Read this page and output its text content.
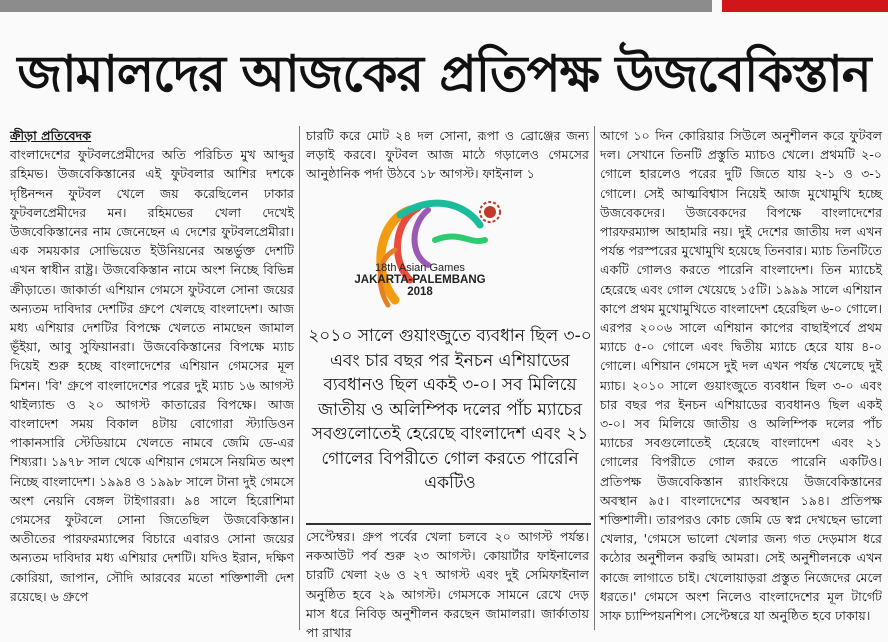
জামালদের আজকের প্রতিপক্ষ উজবেকিস্তান

ক্রীড়া প্রতিবেদক

বাংলাদেশের ফুটবলপ্রেমীদের অতি পরিচিত মুখ আব্দুর রহিমভ। উজবেকিস্তানের এই ফুটবলার আশির দশকে দৃষ্টিনন্দন ফুটবল খেলে জয় করেছিলেন ঢাকার ফুটবলপ্রেমীদের মন। রহিমভের খেলা দেখেই উজবেকিস্তানের নাম জেনেছেন এ দেশের ফুটবলপ্রেমীরা। এক সময়কার সোভিয়েত ইউনিয়নের অন্তর্ভুক্ত দেশটি এখন স্বাধীন রাষ্ট্র। উজবেকিস্তান নামে অংশ নিচ্ছে বিভিন্ন ক্রীড়াতে। জাকার্তা এশিয়ান গেমসে ফুটবলে সোনা জয়ের অন্যতম দাবিদার দেশটির গ্রুপে খেলছে বাংলাদেশ। আজ মধ্য এশিয়ার দেশটির বিপক্ষে খেলতে নামছেন জামাল ভূঁইয়া, আবু সুফিয়ানরা। উজবেকিস্তানের বিপক্ষে ম্যাচ দিয়েই শুরু হচ্ছে বাংলাদেশের এশিয়ান গেমসের মূল মিশন। 'বি' গ্রুপে বাংলাদেশের পরের দুই ম্যাচ ১৬ আগস্ট থাইল্যান্ড ও ২০ আগস্ট কাতারের বিপক্ষে। আজ বাংলাদেশ সময় বিকাল ৪টায় বোগোরা স্ট্যাডিওন পাকানসারি স্টেডিয়ামে খেলতে নামবে জেমি ডে-এর শিষ্যরা। ১৯৭৮ সাল থেকে এশিয়ান গেমসে নিয়মিত অংশ নিচ্ছে বাংলাদেশ। ১৯৯৪ ও ১৯৯৮ সালে টানা দুই গেমসে অংশ নেয়নি বেঙ্গল টাইগাররা। ৯৪ সালে হিরোশিমা গেমসের ফুটবলে সোনা জিতেছিল উজবেকিস্তান। অতীতের পারফরম্যান্সের বিচারে এবারও সোনা জয়ের অন্যতম দাবিদার মধ্য এশিয়ার দেশটি। যদিও ইরান, দক্ষিণ কোরিয়া, জাপান, সৌদি আরবের মতো শক্তিশালী দেশ রয়েছে। ৬ গ্রুপে

চারটি করে মোট ২৪ দল সোনা, রূপা ও ব্রোঞ্জের জন্য লড়াই করবে। ফুটবল আজ মাঠে গড়ালেও গেমসের আনুষ্ঠানিক পর্দা উঠবে ১৮ আগস্ট। ফাইনাল ১

18th Asian Games
JAKARTA-PALEMBANG
2018
২০১০ সালে গুয়াংজুতে ব্যবধান ছিল ৩-০ এবং চার বছর পর ইনচন এশিয়াডের ব্যবধানও ছিল একই ৩-০। সব মিলিয়ে জাতীয় ও অলিম্পিক দলের পাঁচ ম্যাচের সবগুলোতেই হেরেছে বাংলাদেশ এবং ২১ গোলের বিপরীতে গোল করতে পারেনি একটিও

সেপ্টেম্বর। গ্রুপ পর্বের খেলা চলবে ২০ আগস্ট পর্যন্ত। নকআউট পর্ব শুরু ২৩ আগস্ট। কোয়ার্টার ফাইনালের চারটি খেলা ২৬ ও ২৭ আগস্ট এবং দুই সেমিফাইনাল অনুষ্ঠিত হবে ২৯ আগস্ট। গেমসকে সামনে রেখে দেড় মাস ধরে নিবিড় অনুশীলন করছেন জামালরা। জার্কাতায় পা রাখার

আগে ১০ দিন কোরিয়ার সিউলে অনুশীলন করে ফুটবল দল। সেখানে তিনটি প্রস্তুতি ম্যাচও খেলে। প্রথমটি ২-০ গোলে হারলেও পরের দুটি জিতে যায় ২-১ ও ৩-১ গোলে। সেই আত্মবিশ্বাস নিয়েই আজ মুখোমুখি হচ্ছে উজবেকদের। উজবেকদের বিপক্ষে বাংলাদেশের পারফরম্যান্স আহামরি নয়। দুই দেশের জাতীয় দল এখন পর্যন্ত পরস্পরের মুখোমুখি হয়েছে তিনবার। ম্যাচ তিনটিতে একটি গোলও করতে পারেনি বাংলাদেশ। তিন ম্যাচেই হেরেছে এবং গোল খেয়েছে ১৫টি। ১৯৯৯ সালে এশিয়ান কাপে প্রথম মুখোমুখিতে বাংলাদেশ হেরেছিল ৬-০ গোলে। এরপর ২০০৬ সালে এশিয়ান কাপের বাছাইপর্বে প্রথম ম্যাচে ৫-০ গোলে এবং দ্বিতীয় ম্যাচে হেরে যায় ৪-০ গোলে। এশিয়ান গেমসে দুই দল এখন পর্যন্ত খেলেছে দুই ম্যাচ। ২০১০ সালে গুয়াংজুতে ব্যবধান ছিল ৩-০ এবং চার বছর পর ইনচন এশিয়াডের ব্যবধানও ছিল একই ৩-০। সব মিলিয়ে জাতীয় ও অলিম্পিক দলের পাঁচ ম্যাচের সবগুলোতেই হেরেছে বাংলাদেশ এবং ২১ গোলের বিপরীতে গোল করতে পারেনি একটিও। প্রতিপক্ষ উজবেকিস্তান র‌্যাংকিংয়ে উজবেকিস্তানের অবস্থান ৯৫। বাংলাদেশের অবস্থান ১৯৪। প্রতিপক্ষ শক্তিশালী। তারপরও কোচ জেমি ডে স্বপ্ন দেখছেন ভালো খেলার, 'গেমসে ভালো খেলার জন্য গত দেড়মাস ধরে কঠোর অনুশীলন করছি আমরা। সেই অনুশীলনকে এখন কাজে লাগাতে চাই। খেলোয়াড়রা প্রস্তুত নিজেদের মেলে ধরতে।' গেমসে অংশ নিলেও বাংলাদেশের মূল টার্গেট সাফ চ্যাম্পিয়নশিপ। সেপ্টেম্বরে যা অনুষ্ঠিত হবে ঢাকায়।
